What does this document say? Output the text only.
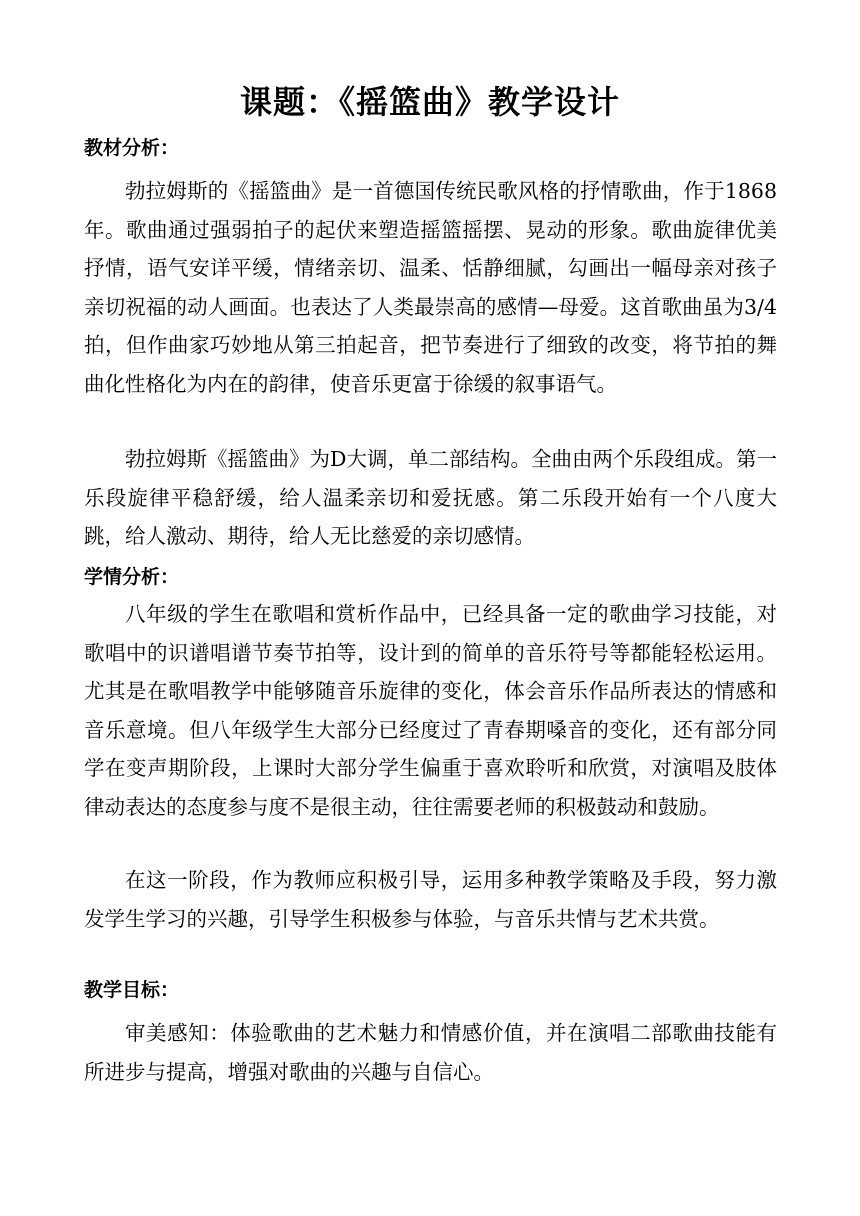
课题：《摇篮曲》教学设计
教材分析：

勃拉姆斯的《摇篮曲》是一首德国传统民歌风格的抒情歌曲，作于1868年。歌曲通过强弱拍子的起伏来塑造摇篮摇摆、晃动的形象。歌曲旋律优美抒情，语气安详平缓，情绪亲切、温柔、恬静细腻，勾画出一幅母亲对孩子亲切祝福的动人画面。也表达了人类最崇高的感情—母爱。这首歌曲虽为3/4拍，但作曲家巧妙地从第三拍起音，把节奏进行了细致的改变，将节拍的舞曲化性格化为内在的韵律，使音乐更富于徐缓的叙事语气。

勃拉姆斯《摇篮曲》为D大调，单二部结构。全曲由两个乐段组成。第一乐段旋律平稳舒缓，给人温柔亲切和爱抚感。第二乐段开始有一个八度大跳，给人激动、期待，给人无比慈爱的亲切感情。

学情分析：

八年级的学生在歌唱和赏析作品中，已经具备一定的歌曲学习技能，对歌唱中的识谱唱谱节奏节拍等，设计到的简单的音乐符号等都能轻松运用。尤其是在歌唱教学中能够随音乐旋律的变化，体会音乐作品所表达的情感和音乐意境。但八年级学生大部分已经度过了青春期嗓音的变化，还有部分同学在变声期阶段，上课时大部分学生偏重于喜欢聆听和欣赏，对演唱及肢体律动表达的态度参与度不是很主动，往往需要老师的积极鼓动和鼓励。

在这一阶段，作为教师应积极引导，运用多种教学策略及手段，努力激发学生学习的兴趣，引导学生积极参与体验，与音乐共情与艺术共赏。

教学目标：

审美感知：体验歌曲的艺术魅力和情感价值，并在演唱二部歌曲技能有所进步与提高，增强对歌曲的兴趣与自信心。
